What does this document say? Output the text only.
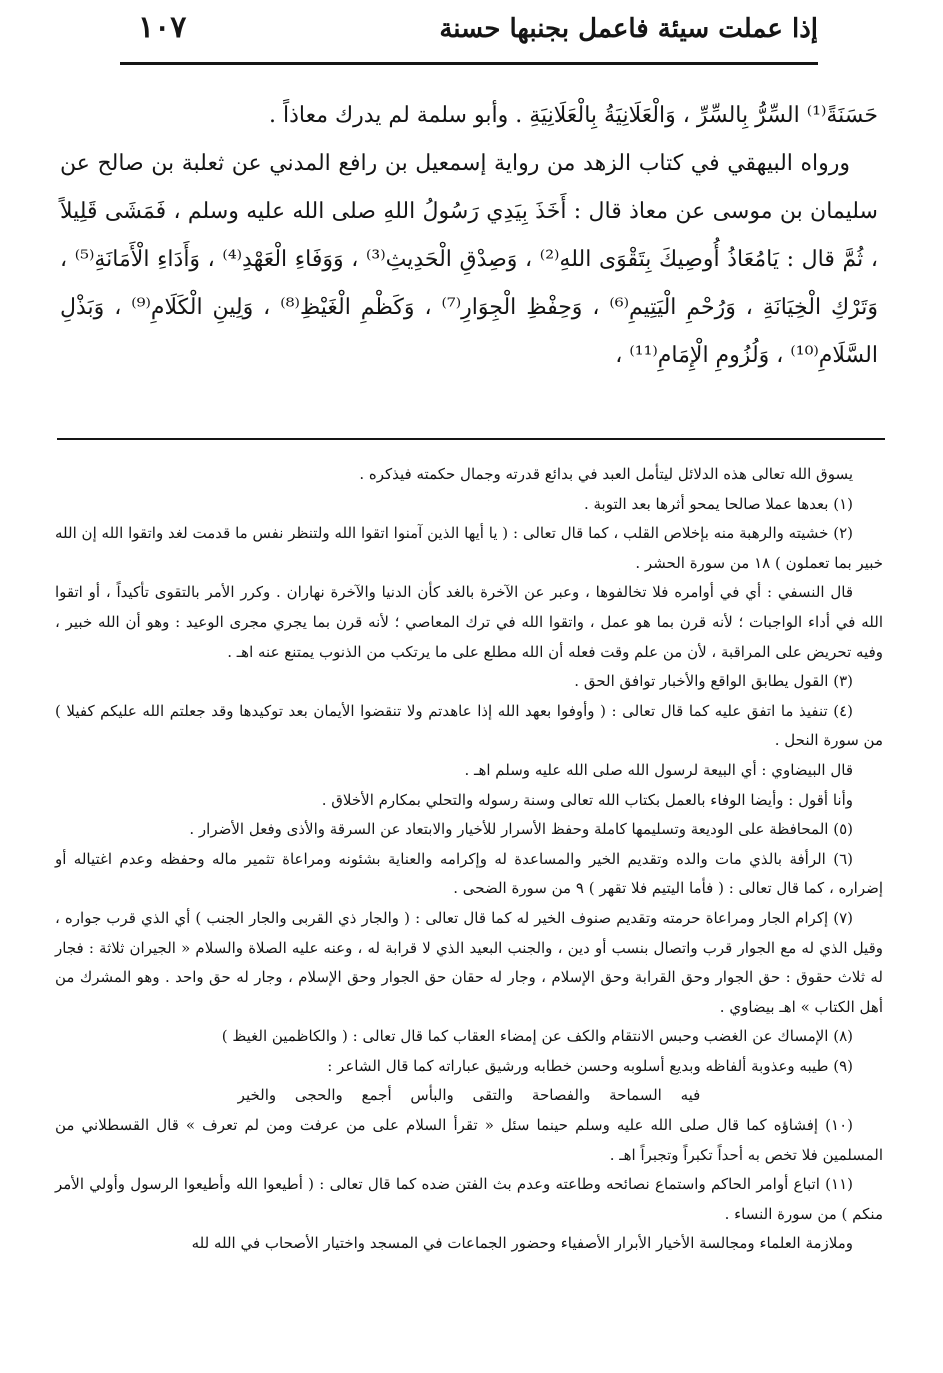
إذا عملت سيئة فاعمل بجنبها حسنة
١٠٧

حَسَنَةً⁽¹⁾ السِّرُّ بِالسِّرِّ ، وَالْعَلَانِيَةُ بِالْعَلَانِيَةِ . وأبو سلمة لم يدرك معاذاً .

ورواه البيهقي في كتاب الزهد من رواية إسمعيل بن رافع المدني عن ثعلبة بن صالح عن سليمان بن موسى عن معاذ قال : أَخَذَ بِيَدِي رَسُولُ اللهِ صلى الله عليه وسلم ، فَمَشَى قَلِيلاً ، ثُمَّ قال : يَامُعَاذُ أُوصِيكَ بِتَقْوَى اللهِ⁽²⁾ ، وَصِدْقِ الْحَدِيثِ⁽³⁾ ، وَوَفَاءِ الْعَهْدِ⁽⁴⁾ ، وَأَدَاءِ الْأَمَانَةِ⁽⁵⁾ ، وَتَرْكِ الْخِيَانَةِ ، وَرُحْمِ الْيَتِيمِ⁽⁶⁾ ، وَحِفْظِ الْجِوَارِ⁽⁷⁾ ، وَكَظْمِ الْغَيْظِ⁽⁸⁾ ، وَلِينِ الْكَلَامِ⁽⁹⁾ ، وَبَذْلِ السَّلَامِ⁽¹⁰⁾ ، وَلُزُومِ الْإِمَامِ⁽¹¹⁾ ،

يسوق الله تعالى هذه الدلائل ليتأمل العبد في بدائع قدرته وجمال حكمته فيذكره .

(١) بعدها عملا صالحا يمحو أثرها بعد التوبة .

(٢) خشيته والرهبة منه بإخلاص القلب ، كما قال تعالى : ( يا أيها الذين آمنوا اتقوا الله ولتنظر نفس ما قدمت لغد واتقوا الله إن الله خبير بما تعملون ) ١٨ من سورة الحشر .

قال النسفي : أي في أوامره فلا تخالفوها ، وعبر عن الآخرة بالغد كأن الدنيا والآخرة نهاران . وكرر الأمر بالتقوى تأكيداً ، أو اتقوا الله في أداء الواجبات ؛ لأنه قرن بما هو عمل ، واتقوا الله في ترك المعاصي ؛ لأنه قرن بما يجري مجرى الوعيد : وهو أن الله خبير ، وفيه تحريض على المراقبة ، لأن من علم وقت فعله أن الله مطلع على ما يرتكب من الذنوب يمتنع عنه اهـ .

(٣) القول يطابق الواقع والأخبار توافق الحق .

(٤) تنفيذ ما اتفق عليه كما قال تعالى : ( وأوفوا بعهد الله إذا عاهدتم ولا تنقضوا الأيمان بعد توكيدها وقد جعلتم الله عليكم كفيلا ) من سورة النحل .

قال البيضاوي : أي البيعة لرسول الله صلى الله عليه وسلم اهـ .

وأنا أقول : وأيضا الوفاء بالعمل بكتاب الله تعالى وسنة رسوله والتحلي بمكارم الأخلاق .

(٥) المحافظة على الوديعة وتسليمها كاملة وحفظ الأسرار للأخيار والابتعاد عن السرقة والأذى وفعل الأضرار .

(٦) الرأفة بالذي مات والده وتقديم الخير والمساعدة له وإكرامه والعناية بشئونه ومراعاة تثمير ماله وحفظه وعدم اغتياله أو إضراره ، كما قال تعالى : ( فأما اليتيم فلا تقهر ) ٩ من سورة الضحى .

(٧) إكرام الجار ومراعاة حرمته وتقديم صنوف الخير له كما قال تعالى : ( والجار ذي القربى والجار الجنب ) أي الذي قرب جواره ، وقيل الذي له مع الجوار قرب واتصال بنسب أو دين ، والجنب البعيد الذي لا قرابة له ، وعنه عليه الصلاة والسلام « الجيران ثلاثة : فجار له ثلاث حقوق : حق الجوار وحق القرابة وحق الإسلام ، وجار له حقان حق الجوار وحق الإسلام ، وجار له حق واحد . وهو المشرك من أهل الكتاب » اهـ بيضاوي .

(٨) الإمساك عن الغضب وحبس الانتقام والكف عن إمضاء العقاب كما قال تعالى : ( والكاظمين الغيظ )

(٩) طيبه وعذوبة ألفاظه وبديع أسلوبه وحسن خطابه ورشيق عباراته كما قال الشاعر :

فيه السماحة والفصاحة والتقى والبأس أجمع والحجى والخير

(١٠) إفشاؤه كما قال صلى الله عليه وسلم حينما سئل « تقرأ السلام على من عرفت ومن لم تعرف » قال القسطلاني من المسلمين فلا تخص به أحداً تكبراً وتجبراً اهـ .

(١١) اتباع أوامر الحاكم واستماع نصائحه وطاعته وعدم بث الفتن ضده كما قال تعالى : ( أطيعوا الله وأطيعوا الرسول وأولي الأمر منكم ) من سورة النساء .

وملازمة العلماء ومجالسة الأخيار الأبرار الأصفياء وحضور الجماعات في المسجد واختيار الأصحاب في الله لله
